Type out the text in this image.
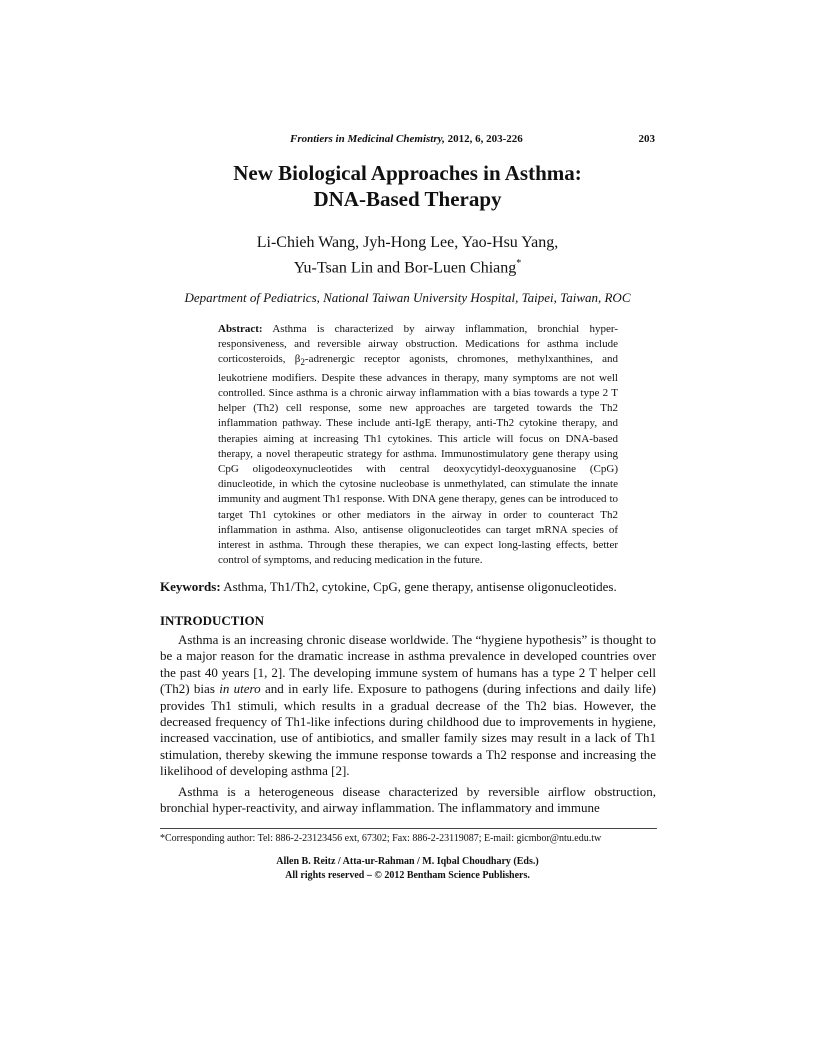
Frontiers in Medicinal Chemistry, 2012, 6, 203-226	203
New Biological Approaches in Asthma:
DNA-Based Therapy
Li-Chieh Wang, Jyh-Hong Lee, Yao-Hsu Yang,
Yu-Tsan Lin and Bor-Luen Chiang*
Department of Pediatrics, National Taiwan University Hospital, Taipei, Taiwan, ROC
Abstract: Asthma is characterized by airway inflammation, bronchial hyper-responsiveness, and reversible airway obstruction. Medications for asthma include corticosteroids, $\beta_2$-adrenergic receptor agonists, chromones, methylxanthines, and leukotriene modifiers. Despite these advances in therapy, many symptoms are not well controlled. Since asthma is a chronic airway inflammation with a bias towards a type 2 T helper (Th2) cell response, some new approaches are targeted towards the Th2 inflammation pathway. These include anti-IgE therapy, anti-Th2 cytokine therapy, and therapies aiming at increasing Th1 cytokines. This article will focus on DNA-based therapy, a novel therapeutic strategy for asthma. Immunostimulatory gene therapy using CpG oligodeoxynucleotides with central deoxycytidyl-deoxyguanosine (CpG) dinucleotide, in which the cytosine nucleobase is unmethylated, can stimulate the innate immunity and augment Th1 response. With DNA gene therapy, genes can be introduced to target Th1 cytokines or other mediators in the airway in order to counteract Th2 inflammation in asthma. Also, antisense oligonucleotides can target mRNA species of interest in asthma. Through these therapies, we can expect long-lasting effects, better control of symptoms, and reducing medication in the future.
Keywords: Asthma, Th1/Th2, cytokine, CpG, gene therapy, antisense oligonucleotides.
INTRODUCTION

Asthma is an increasing chronic disease worldwide. The “hygiene hypothesis” is thought to be a major reason for the dramatic increase in asthma prevalence in developed countries over the past 40 years [1, 2]. The developing immune system of humans has a type 2 T helper cell (Th2) bias in utero and in early life. Exposure to pathogens (during infections and daily life) provides Th1 stimuli, which results in a gradual decrease of the Th2 bias. However, the decreased frequency of Th1-like infections during childhood due to improvements in hygiene, increased vaccination, use of antibiotics, and smaller family sizes may result in a lack of Th1 stimulation, thereby skewing the immune response towards a Th2 response and increasing the likelihood of developing asthma [2].

Asthma is a heterogeneous disease characterized by reversible airflow obstruction, bronchial hyper-reactivity, and airway inflammation. The inflammatory and immune

*Corresponding author: Tel: 886-2-23123456 ext, 67302; Fax: 886-2-23119087; E-mail: gicmbor@ntu.edu.tw
Allen B. Reitz / Atta-ur-Rahman / M. Iqbal Choudhary (Eds.)
All rights reserved – © 2012 Bentham Science Publishers.
